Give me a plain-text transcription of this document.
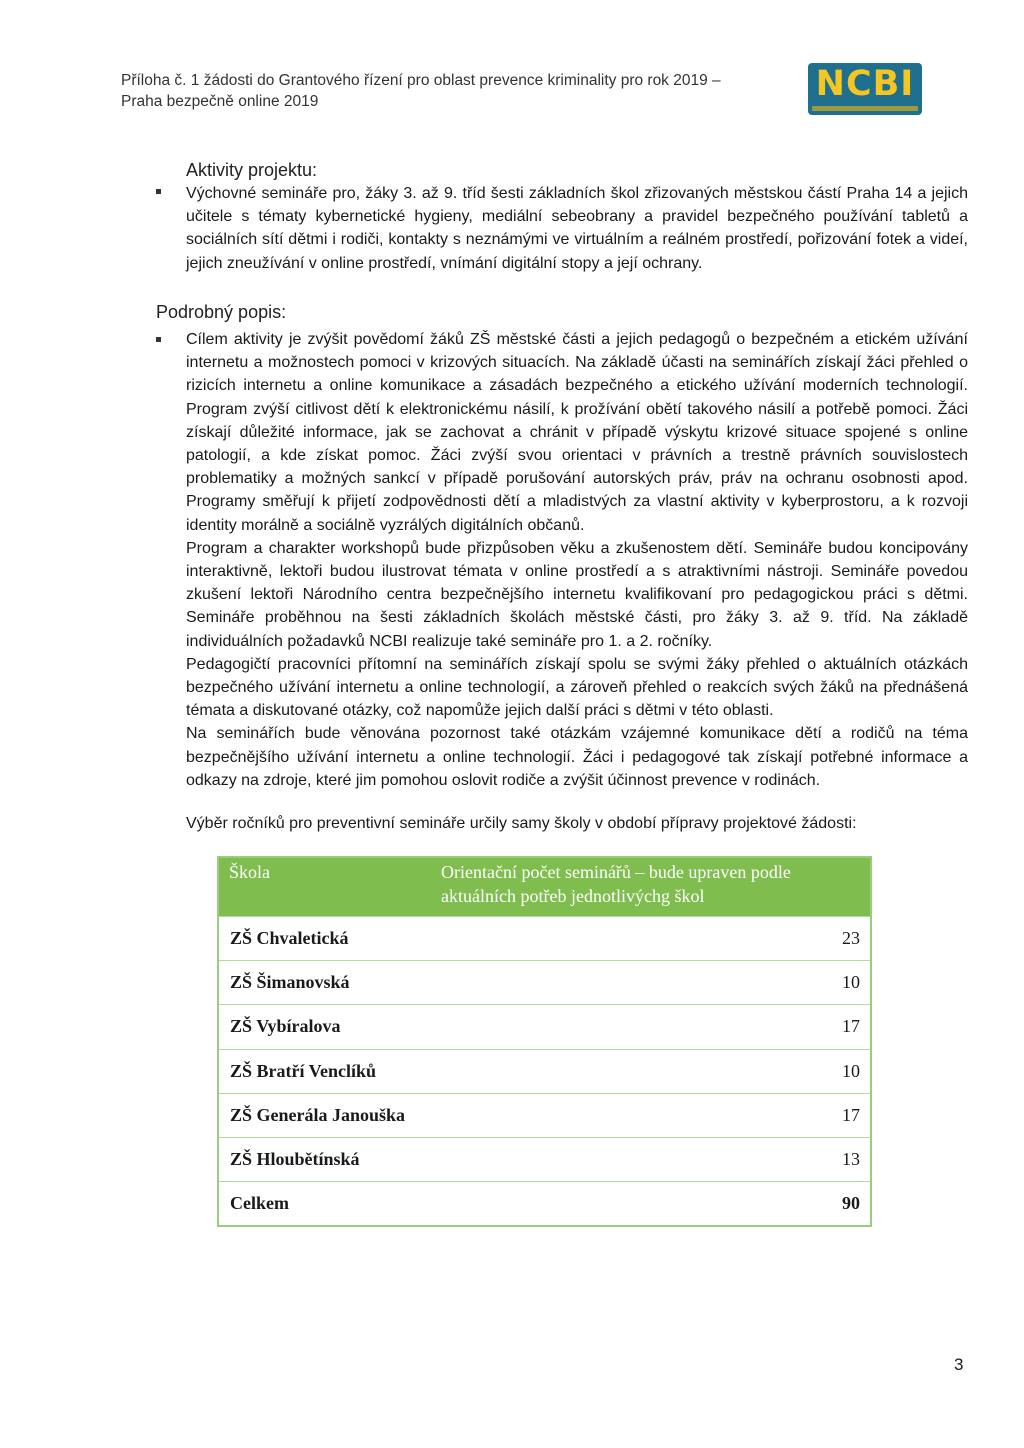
Příloha č. 1 žádosti do Grantového řízení pro oblast prevence kriminality pro rok 2019 –
Praha bezpečně online 2019	NCBI
Aktivity projektu:

Výchovné semináře pro, žáky 3. až 9. tříd šesti základních škol zřizovaných městskou částí Praha 14 a jejich učitele s tématy kybernetické hygieny, mediální sebeobrany a pravidel bezpečného používání tabletů a sociálních sítí dětmi i rodiči, kontakty s neznámými ve virtuálním a reálném prostředí, pořizování fotek a videí, jejich zneužívání v online prostředí, vnímání digitální stopy a její ochrany.

Podrobný popis:

Cílem aktivity je zvýšit povědomí žáků ZŠ městské části a jejich pedagogů o bezpečném a etickém užívání internetu a možnostech pomoci v krizových situacích. Na základě účasti na seminářích získají žáci přehled o rizicích internetu a online komunikace a zásadách bezpečného a etického užívání moderních technologií. Program zvýší citlivost dětí k elektronickému násilí, k prožívání obětí takového násilí a potřebě pomoci. Žáci získají důležité informace, jak se zachovat a chránit v případě výskytu krizové situace spojené s online patologií, a kde získat pomoc. Žáci zvýší svou orientaci v právních a trestně právních souvislostech problematiky a možných sankcí v případě porušování autorských práv, práv na ochranu osobnosti apod. Programy směřují k přijetí zodpovědnosti dětí a mladistvých za vlastní aktivity v kyberprostoru, a k rozvoji identity morálně a sociálně vyzrálých digitálních občanů.

Program a charakter workshopů bude přizpůsoben věku a zkušenostem dětí. Semináře budou koncipovány interaktivně, lektoři budou ilustrovat témata v online prostředí a s atraktivními nástroji. Semináře povedou zkušení lektoři Národního centra bezpečnějšího internetu kvalifikovaní pro pedagogickou práci s dětmi. Semináře proběhnou na šesti základních školách městské části, pro žáky 3. až 9. tříd. Na základě individuálních požadavků NCBI realizuje také semináře pro 1. a 2. ročníky.

Pedagogičtí pracovníci přítomní na seminářích získají spolu se svými žáky přehled o aktuálních otázkách bezpečného užívání internetu a online technologií, a zároveň přehled o reakcích svých žáků na přednášená témata a diskutované otázky, což napomůže jejich další práci s dětmi v této oblasti.

Na seminářích bude věnována pozornost také otázkám vzájemné komunikace dětí a rodičů na téma bezpečnějšího užívání internetu a online technologií. Žáci i pedagogové tak získají potřebné informace a odkazy na zdroje, které jim pomohou oslovit rodiče a zvýšit účinnost prevence v rodinách.

Výběr ročníků pro preventivní semináře určily samy školy v období přípravy projektové žádosti:
Škola	Orientační počet seminářů – bude upraven podle aktuálních potřeb jednotlivýchg škol
ZŠ Chvaletická	23
ZŠ Šimanovská	10
ZŠ Vybíralova	17
ZŠ Bratří Venclíků	10
ZŠ Generála Janouška	17
ZŠ Hloubětínská	13
Celkem	90
3
